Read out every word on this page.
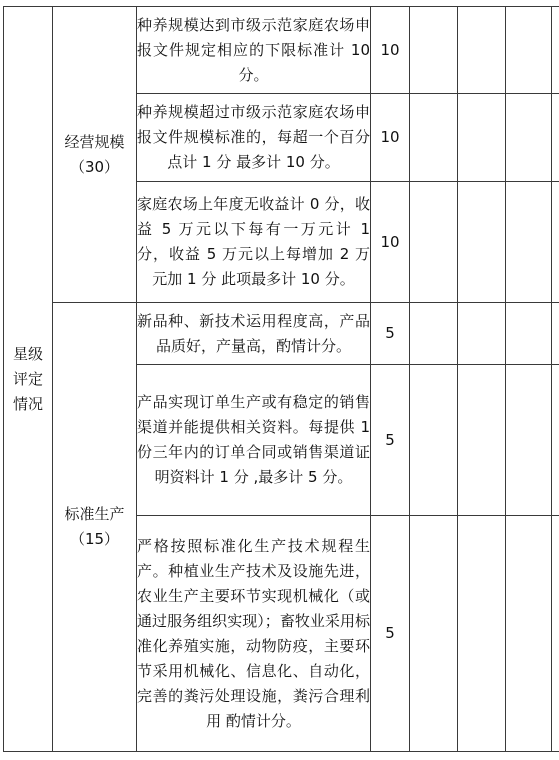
星级评定情况	经营规模（30）	种养规模达到市级示范家庭农场申报文件规定相应的下限标准计 10 分。	10				

		种养规模超过市级示范家庭农场申报文件规模标准的，每超一个百分点计 1 分 最多计 10 分。	10				

		家庭农场上年度无收益计 0 分，收益 5 万元以下每有一万元计 1 分，收益 5 万元以上每增加 2 万元加 1 分 此项最多计 10 分。	10				

	标准生产（15）	新品种、新技术运用程度高，产品品质好，产量高，酌情计分。	5				

		产品实现订单生产或有稳定的销售渠道并能提供相关资料。每提供 1 份三年内的订单合同或销售渠道证明资料计 1 分 ,最多计 5 分。	5				

		严格按照标准化生产技术规程生产。种植业生产技术及设施先进，农业生产主要环节实现机械化（或通过服务组织实现）；畜牧业采用标准化养殖实施，动物防疫，主要环节采用机械化、信息化、自动化，完善的粪污处理设施，粪污合理利用 酌情计分。	5				
